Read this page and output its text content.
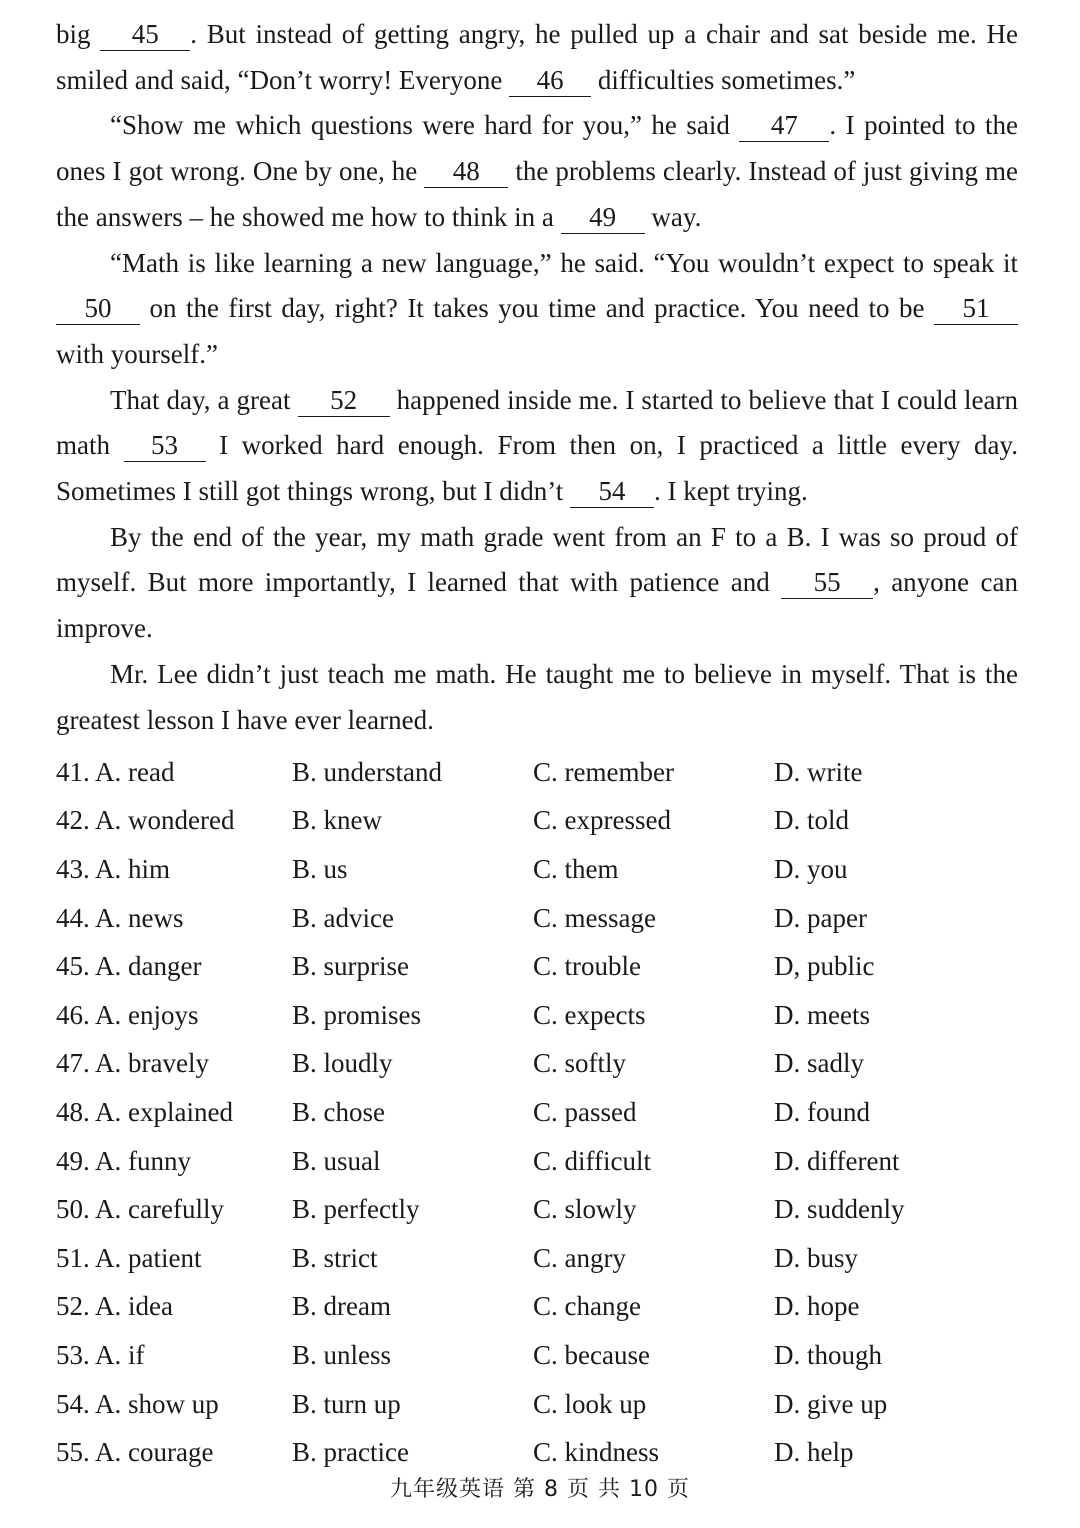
big 45 . But instead of getting angry, he pulled up a chair and sat beside me. He smiled and said, “Don’t worry! Everyone 46 difficulties sometimes.”

“Show me which questions were hard for you,” he said 47 . I pointed to the ones I got wrong. One by one, he 48 the problems clearly. Instead of just giving me the answers – he showed me how to think in a 49 way.

“Math is like learning a new language,” he said. “You wouldn’t expect to speak it 50 on the first day, right? It takes you time and practice. You need to be 51 with yourself.”

That day, a great 52 happened inside me. I started to believe that I could learn math 53 I worked hard enough. From then on, I practiced a little every day. Sometimes I still got things wrong, but I didn’t 54 . I kept trying.

By the end of the year, my math grade went from an F to a B. I was so proud of myself. But more importantly, I learned that with patience and 55 , anyone can improve.

Mr. Lee didn’t just teach me math. He taught me to believe in myself. That is the greatest lesson I have ever learned.

41. A. read	B. understand	C. remember	D. write
42. A. wondered	B. knew	C. expressed	D. told
43. A. him	B. us	C. them	D. you
44. A. news	B. advice	C. message	D. paper
45. A. danger	B. surprise	C. trouble	D, public
46. A. enjoys	B. promises	C. expects	D. meets
47. A. bravely	B. loudly	C. softly	D. sadly
48. A. explained	B. chose	C. passed	D. found
49. A. funny	B. usual	C. difficult	D. different
50. A. carefully	B. perfectly	C. slowly	D. suddenly
51. A. patient	B. strict	C. angry	D. busy
52. A. idea	B. dream	C. change	D. hope
53. A. if	B. unless	C. because	D. though
54. A. show up	B. turn up	C. look up	D. give up
55. A. courage	B. practice	C. kindness	D. help
九年级英语 第 8 页 共 10 页
